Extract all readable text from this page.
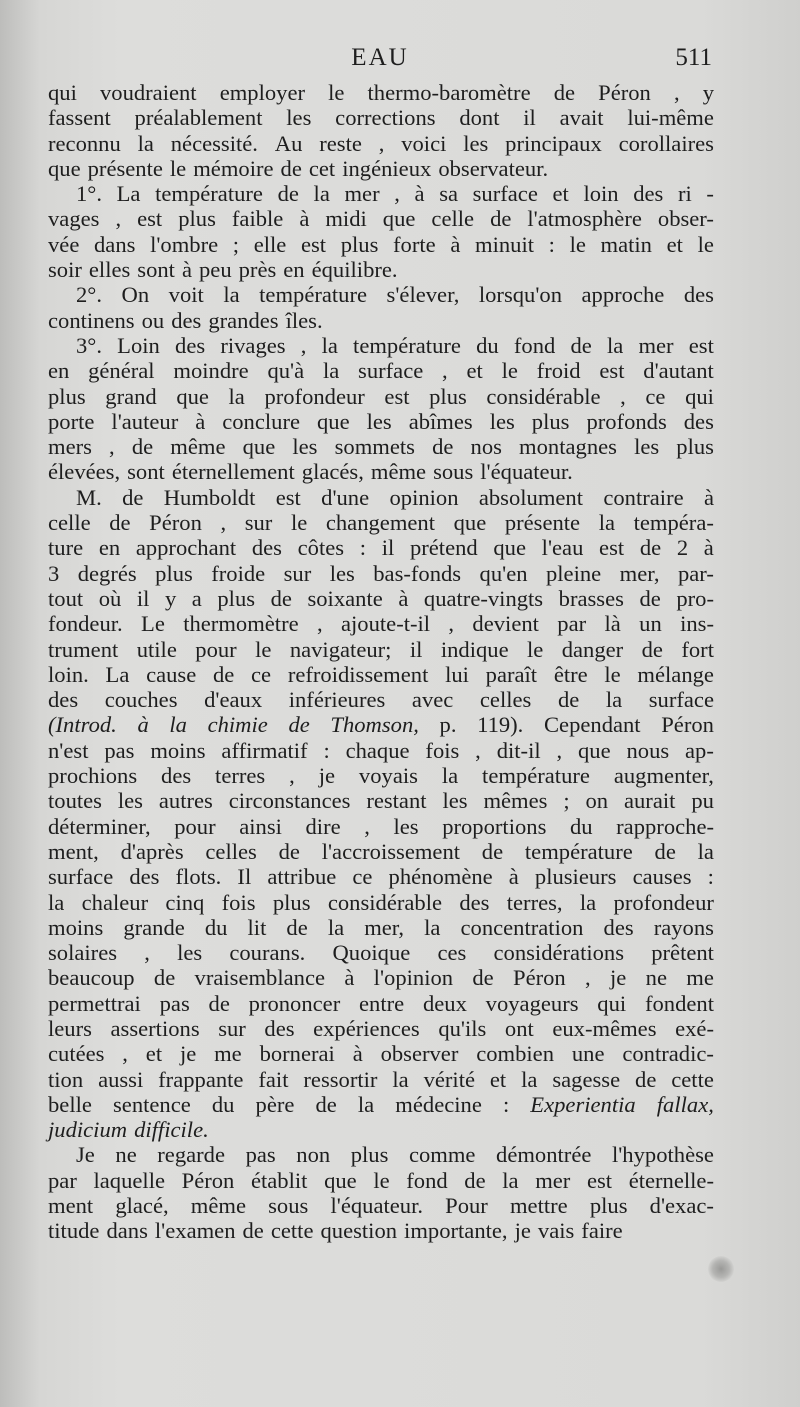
EAU	511
qui voudraient employer le thermo-baromètre de Péron , y
fassent préalablement les corrections dont il avait lui-même
reconnu la nécessité. Au reste , voici les principaux corollaires
que présente le mémoire de cet ingénieux observateur.
1°. La température de la mer , à sa surface et loin des ri -
vages , est plus faible à midi que celle de l'atmosphère obser-
vée dans l'ombre ; elle est plus forte à minuit : le matin et le
soir elles sont à peu près en équilibre.
2°. On voit la température s'élever, lorsqu'on approche des
continens ou des grandes îles.
3°. Loin des rivages , la température du fond de la mer est
en général moindre qu'à la surface , et le froid est d'autant
plus grand que la profondeur est plus considérable , ce qui
porte l'auteur à conclure que les abîmes les plus profonds des
mers , de même que les sommets de nos montagnes les plus
élevées, sont éternellement glacés, même sous l'équateur.
M. de Humboldt est d'une opinion absolument contraire à
celle de Péron , sur le changement que présente la tempéra-
ture en approchant des côtes : il prétend que l'eau est de 2 à
3 degrés plus froide sur les bas-fonds qu'en pleine mer, par-
tout où il y a plus de soixante à quatre-vingts brasses de pro-
fondeur. Le thermomètre , ajoute-t-il , devient par là un ins-
trument utile pour le navigateur; il indique le danger de fort
loin. La cause de ce refroidissement lui paraît être le mélange
des couches d'eaux inférieures avec celles de la surface
(Introd. à la chimie de Thomson, p. 119). Cependant Péron
n'est pas moins affirmatif : chaque fois , dit-il , que nous ap-
prochions des terres , je voyais la température augmenter,
toutes les autres circonstances restant les mêmes ; on aurait pu
déterminer, pour ainsi dire , les proportions du rapproche-
ment, d'après celles de l'accroissement de température de la
surface des flots. Il attribue ce phénomène à plusieurs causes :
la chaleur cinq fois plus considérable des terres, la profondeur
moins grande du lit de la mer, la concentration des rayons
solaires , les courans. Quoique ces considérations prêtent
beaucoup de vraisemblance à l'opinion de Péron , je ne me
permettrai pas de prononcer entre deux voyageurs qui fondent
leurs assertions sur des expériences qu'ils ont eux-mêmes exé-
cutées , et je me bornerai à observer combien une contradic-
tion aussi frappante fait ressortir la vérité et la sagesse de cette
belle sentence du père de la médecine : Experientia fallax,
judicium difficile.
Je ne regarde pas non plus comme démontrée l'hypothèse
par laquelle Péron établit que le fond de la mer est éternelle-
ment glacé, même sous l'équateur. Pour mettre plus d'exac-
titude dans l'examen de cette question importante, je vais faire
